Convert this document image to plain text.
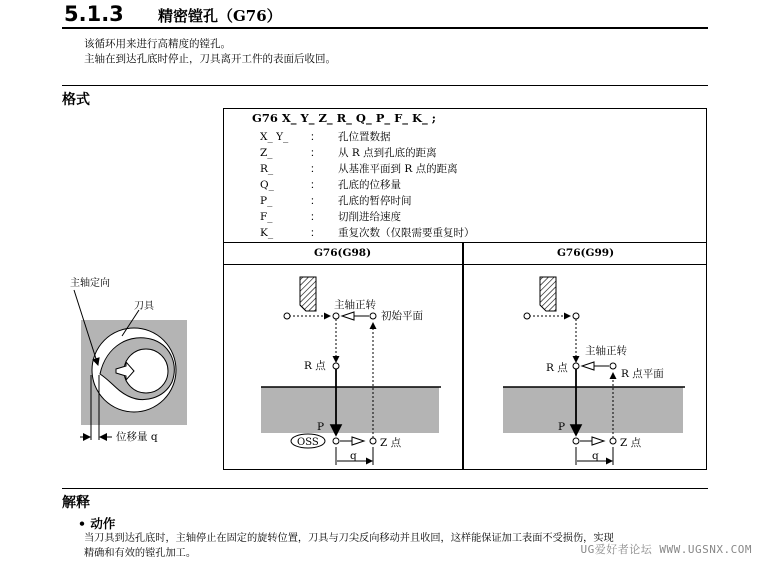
5.1.3 精密镗孔（G76）
该循环用来进行高精度的镗孔。
主轴在到达孔底时停止，刀具离开工件的表面后收回。
格式
G76 X_ Y_ Z_ R_ Q_ P_ F_ K_ ;
X_ Y_ ： 孔位置数据
Z_	： 从 R 点到孔底的距离
R_	： 从基准平面到 R 点的距离
Q_	： 孔底的位移量
P_	： 孔底的暂停时间
F_	： 切削进给速度
K_	： 重复次数（仅限需要重复时）
G76(G98)	G76(G99)
主轴定向
刀具
位移量 q
主轴正转
初始平面
R 点
P
OSS	Z 点
q
主轴正转
R 点	R 点平面
P
Z 点
q
解释
• 动作
当刀具到达孔底时，主轴停止在固定的旋转位置，刀具与刀尖反向移动并且收回，这样能保证加工表面不受损伤，实现
精确和有效的镗孔加工。	UG爱好者论坛 WWW.UGSNX.COM
